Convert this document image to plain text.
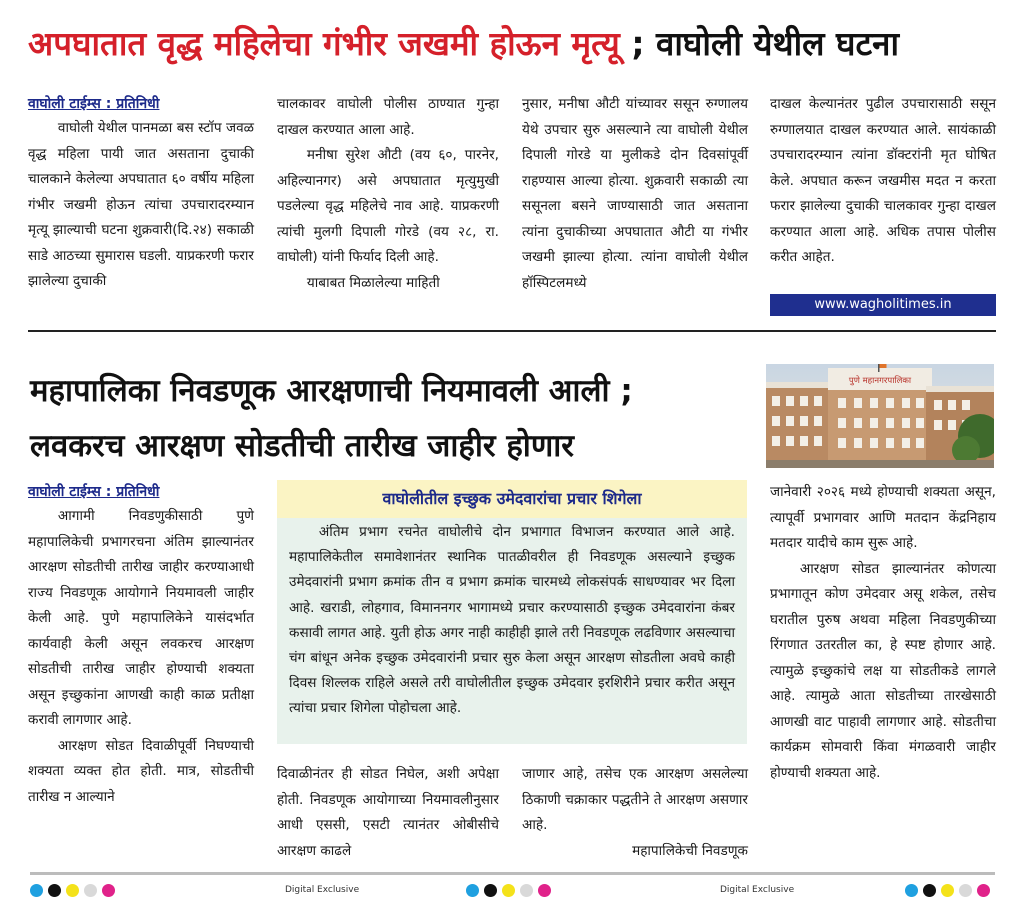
अपघातात वृद्ध महिलेचा गंभीर जखमी होऊन मृत्यू ; वाघोली येथील घटना
वाघोली टाईम्स : प्रतिनिधी

वाघोली येथील पानमळा बस स्टॉप जवळ वृद्ध महिला पायी जात असताना दुचाकी चालकाने केलेल्या अपघातात ६० वर्षीय महिला गंभीर जखमी होऊन त्यांचा उपचारादरम्यान मृत्यू झाल्याची घटना शुक्रवारी(दि.२४) सकाळी साडे आठच्या सुमारास घडली. याप्रकरणी फरार झालेल्या दुचाकी

चालकावर वाघोली पोलीस ठाण्यात गुन्हा दाखल करण्यात आला आहे.

मनीषा सुरेश औटी (वय ६०, पारनेर, अहिल्यानगर) असे अपघातात मृत्युमुखी पडलेल्या वृद्ध महिलेचे नाव आहे. याप्रकरणी त्यांची मुलगी दिपाली गोरडे (वय २८, रा. वाघोली) यांनी फिर्याद दिली आहे.

याबाबत मिळालेल्या माहिती

नुसार, मनीषा औटी यांच्यावर ससून रुग्णालय येथे उपचार सुरु असल्याने त्या वाघोली येथील दिपाली गोरडे या मुलीकडे दोन दिवसांपूर्वी राहण्यास आल्या होत्या. शुक्रवारी सकाळी त्या ससूनला बसने जाण्यासाठी जात असताना त्यांना दुचाकीच्या अपघातात औटी या गंभीर जखमी झाल्या होत्या. त्यांना वाघोली येथील हॉस्पिटलमध्ये

दाखल केल्यानंतर पुढील उपचारासाठी ससून रुग्णालयात दाखल करण्यात आले. सायंकाळी उपचारादरम्यान त्यांना डॉक्टरांनी मृत घोषित केले. अपघात करून जखमीस मदत न करता फरार झालेल्या दुचाकी चालकावर गुन्हा दाखल करण्यात आला आहे. अधिक तपास पोलीस करीत आहेत.

www.wagholitimes.in
महापालिका निवडणूक आरक्षणाची नियमावली आली ;
लवकरच आरक्षण सोडतीची तारीख जाहीर होणार
पुणे महानगरपालिका
वाघोली टाईम्स : प्रतिनिधी

आगामी निवडणुकीसाठी पुणे महापालिकेची प्रभागरचना अंतिम झाल्यानंतर आरक्षण सोडतीची तारीख जाहीर करण्याआधी राज्य निवडणूक आयोगाने नियमावली जाहीर केली आहे. पुणे महापालिकेने यासंदर्भात कार्यवाही केली असून लवकरच आरक्षण सोडतीची तारीख जाहीर होण्याची शक्यता असून इच्छुकांना आणखी काही काळ प्रतीक्षा करावी लागणार आहे.

आरक्षण सोडत दिवाळीपूर्वी निघण्याची शक्यता व्यक्त होत होती. मात्र, सोडतीची तारीख न आल्याने

वाघोलीतील इच्छुक उमेदवारांचा प्रचार शिगेला

अंतिम प्रभाग रचनेत वाघोलीचे दोन प्रभागात विभाजन करण्यात आले आहे. महापालिकेतील समावेशानंतर स्थानिक पातळीवरील ही निवडणूक असल्याने इच्छुक उमेदवारांनी प्रभाग क्रमांक तीन व प्रभाग क्रमांक चारमध्ये लोकसंपर्क साधण्यावर भर दिला आहे. खराडी, लोहगाव, विमाननगर भागामध्ये प्रचार करण्यासाठी इच्छुक उमेदवारांना कंबर कसावी लागत आहे. युती होऊ अगर नाही काहीही झाले तरी निवडणूक लढविणार असल्याचा चंग बांधून अनेक इच्छुक उमेदवारांनी प्रचार सुरु केला असून आरक्षण सोडतीला अवघे काही दिवस शिल्लक राहिले असले तरी वाघोलीतील इच्छुक उमेदवार इरशिरीने प्रचार करीत असून त्यांचा प्रचार शिगेला पोहोचला आहे.

दिवाळीनंतर ही सोडत निघेल, अशी अपेक्षा होती. निवडणूक आयोगाच्या नियमावलीनुसार आधी एससी, एसटी त्यानंतर ओबीसीचे आरक्षण काढले

जाणार आहे, तसेच एक आरक्षण असलेल्या ठिकाणी चक्राकार पद्धतीने ते आरक्षण असणार आहे.

महापालिकेची निवडणूक

जानेवारी २०२६ मध्ये होण्याची शक्यता असून, त्यापूर्वी प्रभागवार आणि मतदान केंद्रनिहाय मतदार यादीचे काम सुरू आहे.

आरक्षण सोडत झाल्यानंतर कोणत्या प्रभागातून कोण उमेदवार असू शकेल, तसेच घरातील पुरुष अथवा महिला निवडणुकीच्या रिंगणात उतरतील का, हे स्पष्ट होणार आहे. त्यामुळे इच्छुकांचे लक्ष या सोडतीकडे लागले आहे. त्यामुळे आता सोडतीच्या तारखेसाठी आणखी वाट पाहावी लागणार आहे. सोडतीचा कार्यक्रम सोमवारी किंवा मंगळवारी जाहीर होण्याची शक्यता आहे.

Digital Exclusive	Digital Exclusive
